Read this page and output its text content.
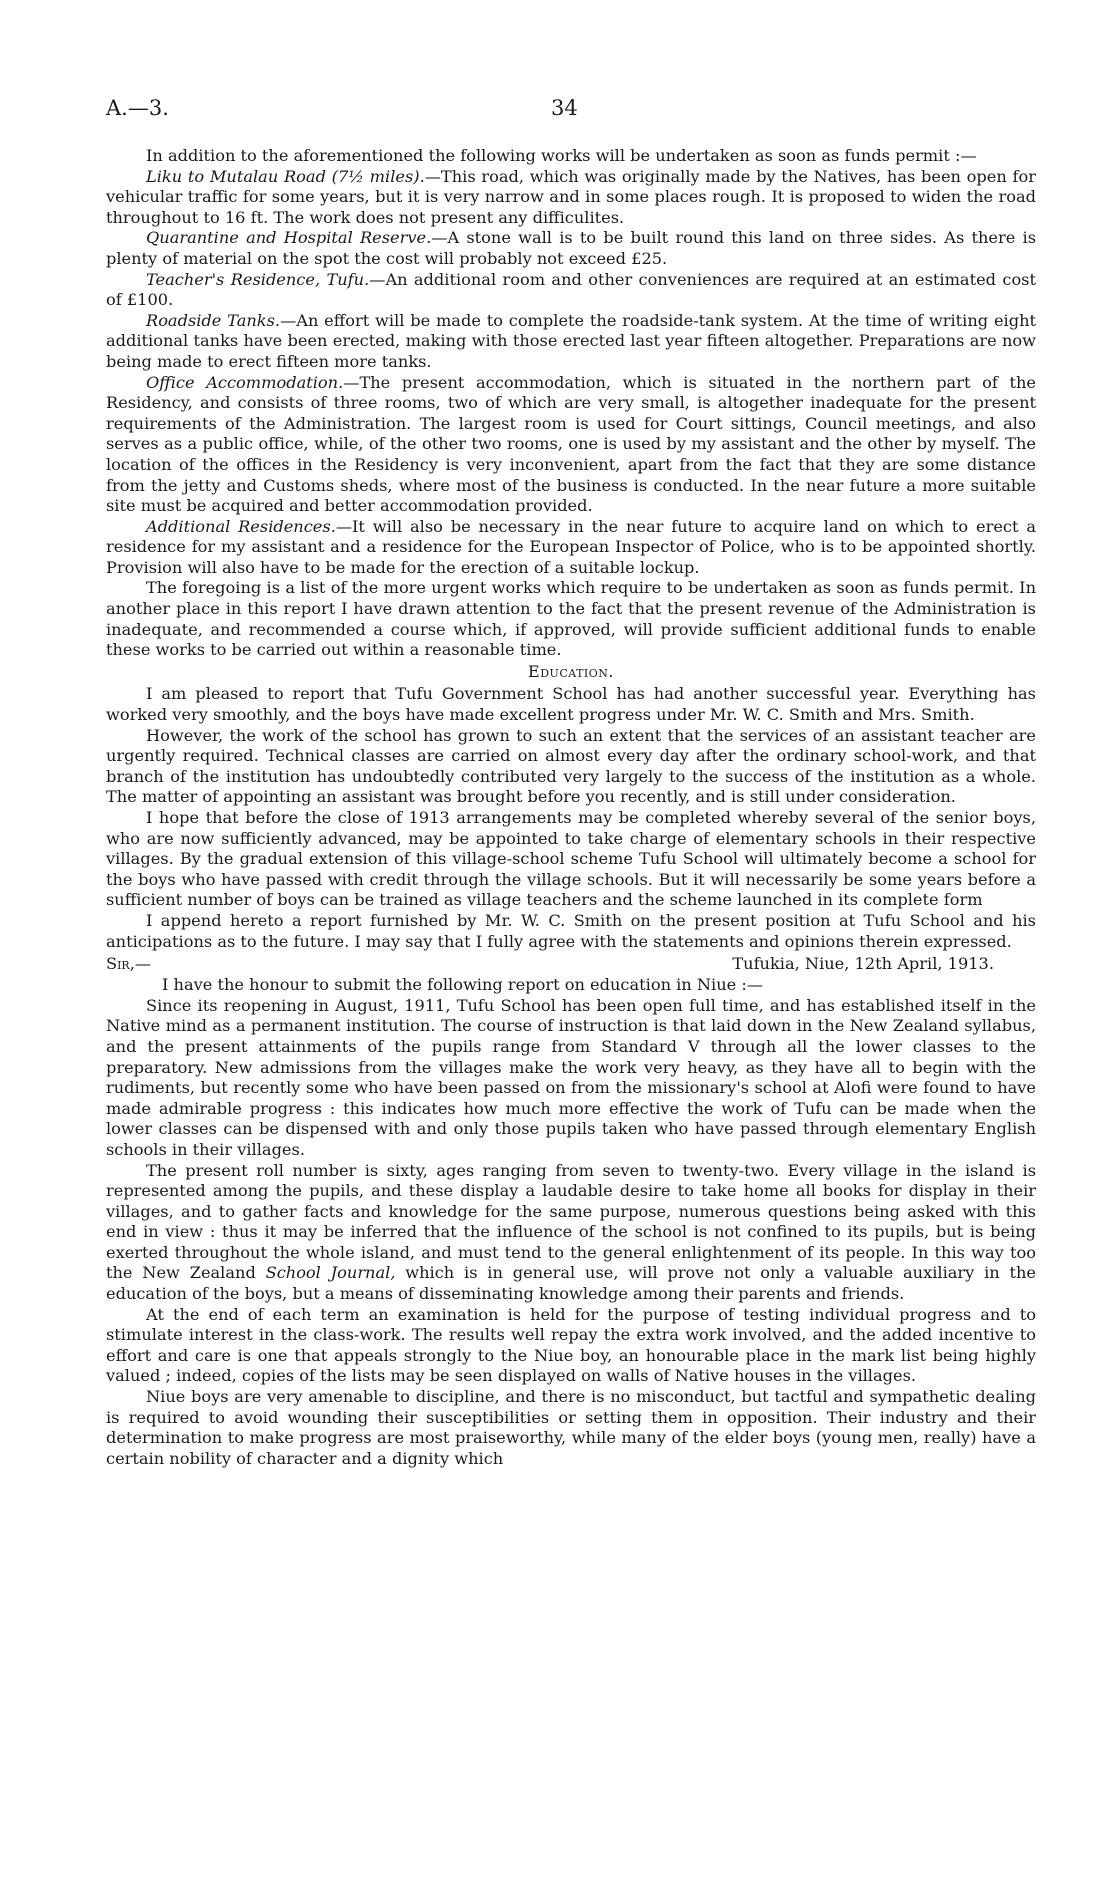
A.—3.	34

In addition to the aforementioned the following works will be undertaken as soon as funds permit :—

Liku to Mutalau Road (7½ miles).—This road, which was originally made by the Natives, has been open for vehicular traffic for some years, but it is very narrow and in some places rough. It is proposed to widen the road throughout to 16 ft. The work does not present any difficulites.

Quarantine and Hospital Reserve.—A stone wall is to be built round this land on three sides. As there is plenty of material on the spot the cost will probably not exceed £25.

Teacher's Residence, Tufu.—An additional room and other conveniences are required at an estimated cost of £100.

Roadside Tanks.—An effort will be made to complete the roadside-tank system. At the time of writing eight additional tanks have been erected, making with those erected last year fifteen altogether. Preparations are now being made to erect fifteen more tanks.

Office Accommodation.—The present accommodation, which is situated in the northern part of the Residency, and consists of three rooms, two of which are very small, is altogether inadequate for the present requirements of the Administration. The largest room is used for Court sittings, Council meetings, and also serves as a public office, while, of the other two rooms, one is used by my assistant and the other by myself. The location of the offices in the Residency is very inconvenient, apart from the fact that they are some distance from the jetty and Customs sheds, where most of the business is conducted. In the near future a more suitable site must be acquired and better accommodation provided.

Additional Residences.—It will also be necessary in the near future to acquire land on which to erect a residence for my assistant and a residence for the European Inspector of Police, who is to be appointed shortly. Provision will also have to be made for the erection of a suitable lockup.

The foregoing is a list of the more urgent works which require to be undertaken as soon as funds permit. In another place in this report I have drawn attention to the fact that the present revenue of the Administration is inadequate, and recommended a course which, if approved, will provide sufficient additional funds to enable these works to be carried out within a reasonable time.

Education.

I am pleased to report that Tufu Government School has had another successful year. Everything has worked very smoothly, and the boys have made excellent progress under Mr. W. C. Smith and Mrs. Smith.

However, the work of the school has grown to such an extent that the services of an assistant teacher are urgently required. Technical classes are carried on almost every day after the ordinary school-work, and that branch of the institution has undoubtedly contributed very largely to the success of the institution as a whole. The matter of appointing an assistant was brought before you recently, and is still under consideration.

I hope that before the close of 1913 arrangements may be completed whereby several of the senior boys, who are now sufficiently advanced, may be appointed to take charge of elementary schools in their respective villages. By the gradual extension of this village-school scheme Tufu School will ultimately become a school for the boys who have passed with credit through the village schools. But it will necessarily be some years before a sufficient number of boys can be trained as village teachers and the scheme launched in its complete form

I append hereto a report furnished by Mr. W. C. Smith on the present position at Tufu School and his anticipations as to the future. I may say that I fully agree with the statements and opinions therein expressed.

Sir,—	Tufukia, Niue, 12th April, 1913.

I have the honour to submit the following report on education in Niue :—

Since its reopening in August, 1911, Tufu School has been open full time, and has established itself in the Native mind as a permanent institution. The course of instruction is that laid down in the New Zealand syllabus, and the present attainments of the pupils range from Standard V through all the lower classes to the preparatory. New admissions from the villages make the work very heavy, as they have all to begin with the rudiments, but recently some who have been passed on from the missionary's school at Alofi were found to have made admirable progress : this indicates how much more effective the work of Tufu can be made when the lower classes can be dispensed with and only those pupils taken who have passed through elementary English schools in their villages.

The present roll number is sixty, ages ranging from seven to twenty-two. Every village in the island is represented among the pupils, and these display a laudable desire to take home all books for display in their villages, and to gather facts and knowledge for the same purpose, numerous questions being asked with this end in view : thus it may be inferred that the influence of the school is not confined to its pupils, but is being exerted throughout the whole island, and must tend to the general enlightenment of its people. In this way too the New Zealand School Journal, which is in general use, will prove not only a valuable auxiliary in the education of the boys, but a means of disseminating knowledge among their parents and friends.

At the end of each term an examination is held for the purpose of testing individual progress and to stimulate interest in the class-work. The results well repay the extra work involved, and the added incentive to effort and care is one that appeals strongly to the Niue boy, an honourable place in the mark list being highly valued ; indeed, copies of the lists may be seen displayed on walls of Native houses in the villages.

Niue boys are very amenable to discipline, and there is no misconduct, but tactful and sympathetic dealing is required to avoid wounding their susceptibilities or setting them in opposition. Their industry and their determination to make progress are most praiseworthy, while many of the elder boys (young men, really) have a certain nobility of character and a dignity which
